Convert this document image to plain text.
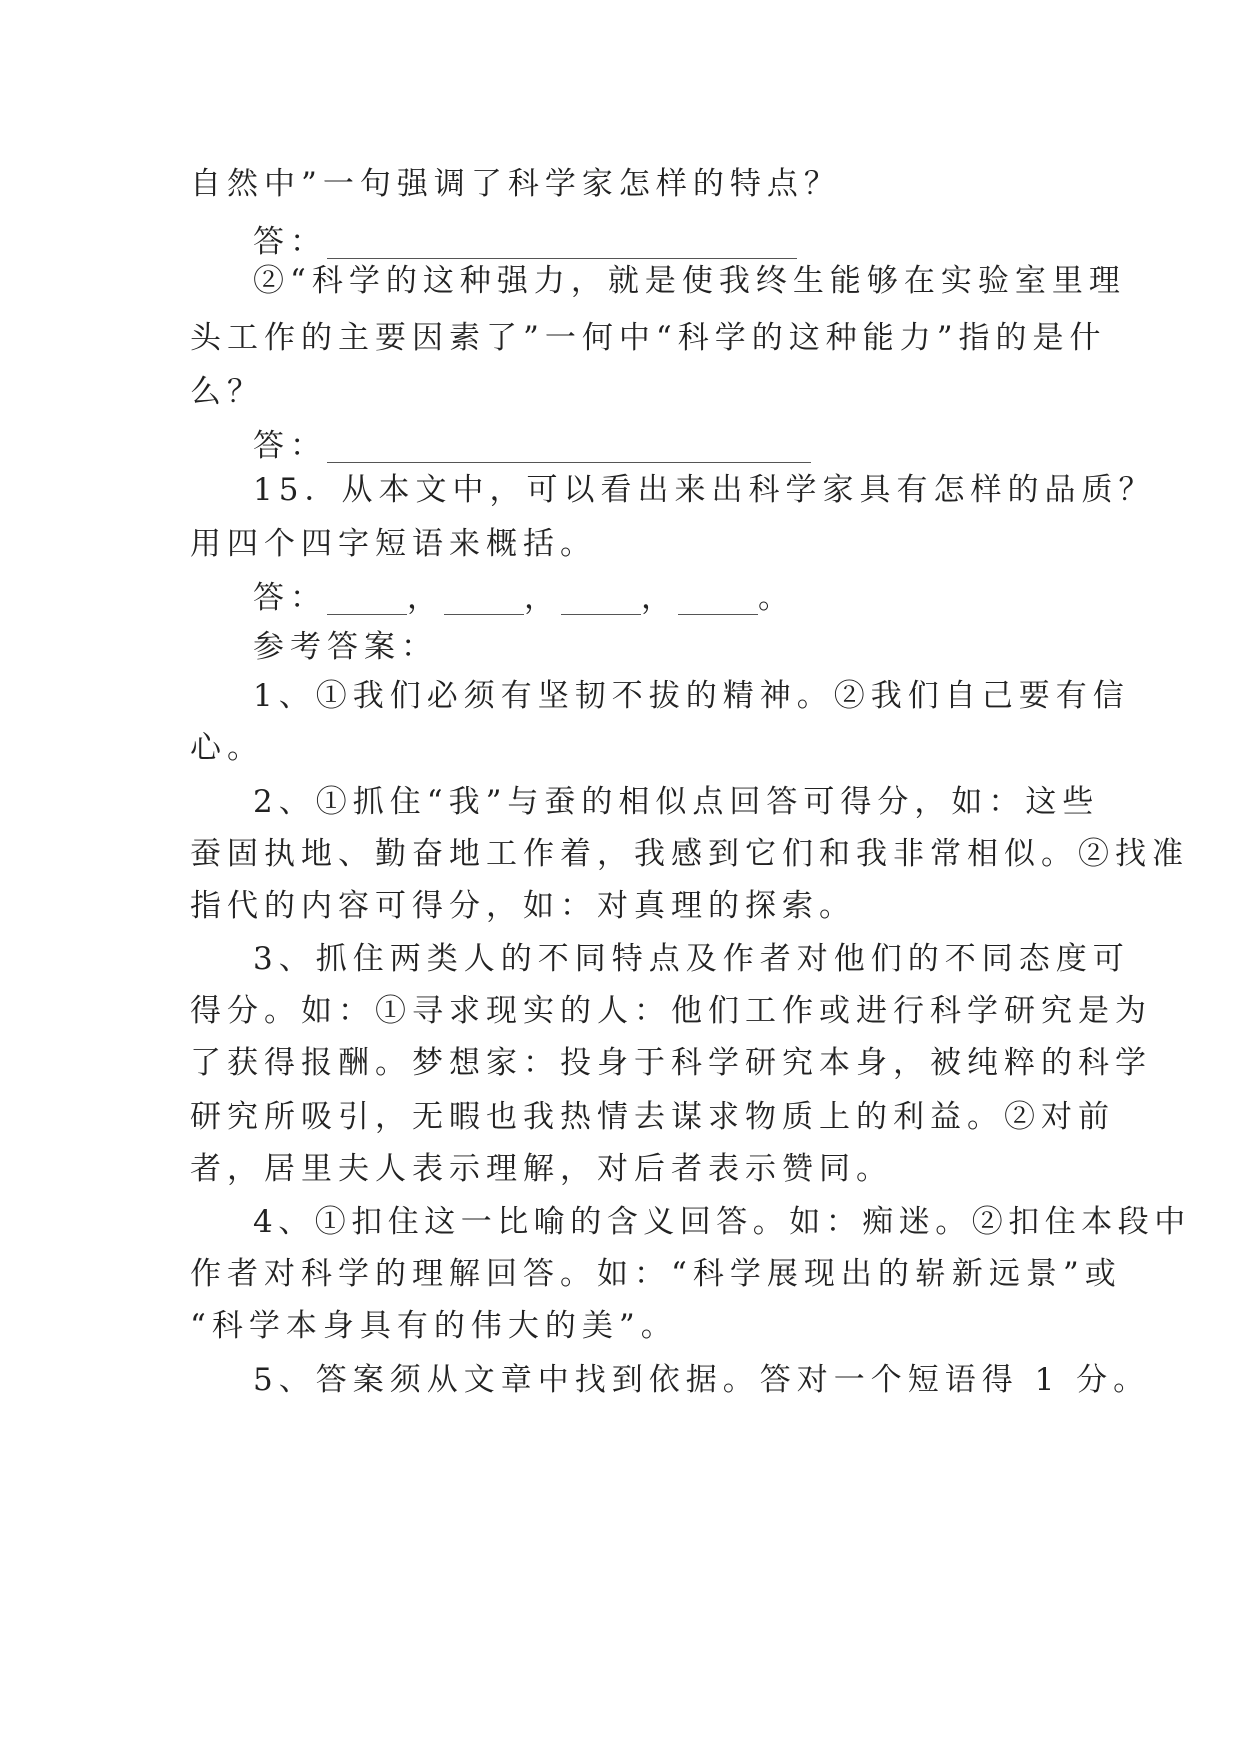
自然中”一句强调了科学家怎样的特点？
答：
②“科学的这种强力，就是使我终生能够在实验室里理
头工作的主要因素了”一何中“科学的这种能力”指的是什
么？
答：
15．从本文中，可以看出来出科学家具有怎样的品质？
用四个四字短语来概括。
答：	，	，	，	。
参考答案：
1、①我们必须有坚韧不拔的精神。②我们自己要有信
心。
2、①抓住“我”与蚕的相似点回答可得分，如：这些
蚕固执地、勤奋地工作着，我感到它们和我非常相似。②找准
指代的内容可得分，如：对真理的探索。
3、抓住两类人的不同特点及作者对他们的不同态度可
得分。如：①寻求现实的人：他们工作或进行科学研究是为
了获得报酬。梦想家：投身于科学研究本身，被纯粹的科学
研究所吸引，无暇也我热情去谋求物质上的利益。②对前
者，居里夫人表示理解，对后者表示赞同。
4、①扣住这一比喻的含义回答。如：痴迷。②扣住本段中
作者对科学的理解回答。如：“科学展现出的崭新远景”或
“科学本身具有的伟大的美”。
5、答案须从文章中找到依据。答对一个短语得 1 分。
